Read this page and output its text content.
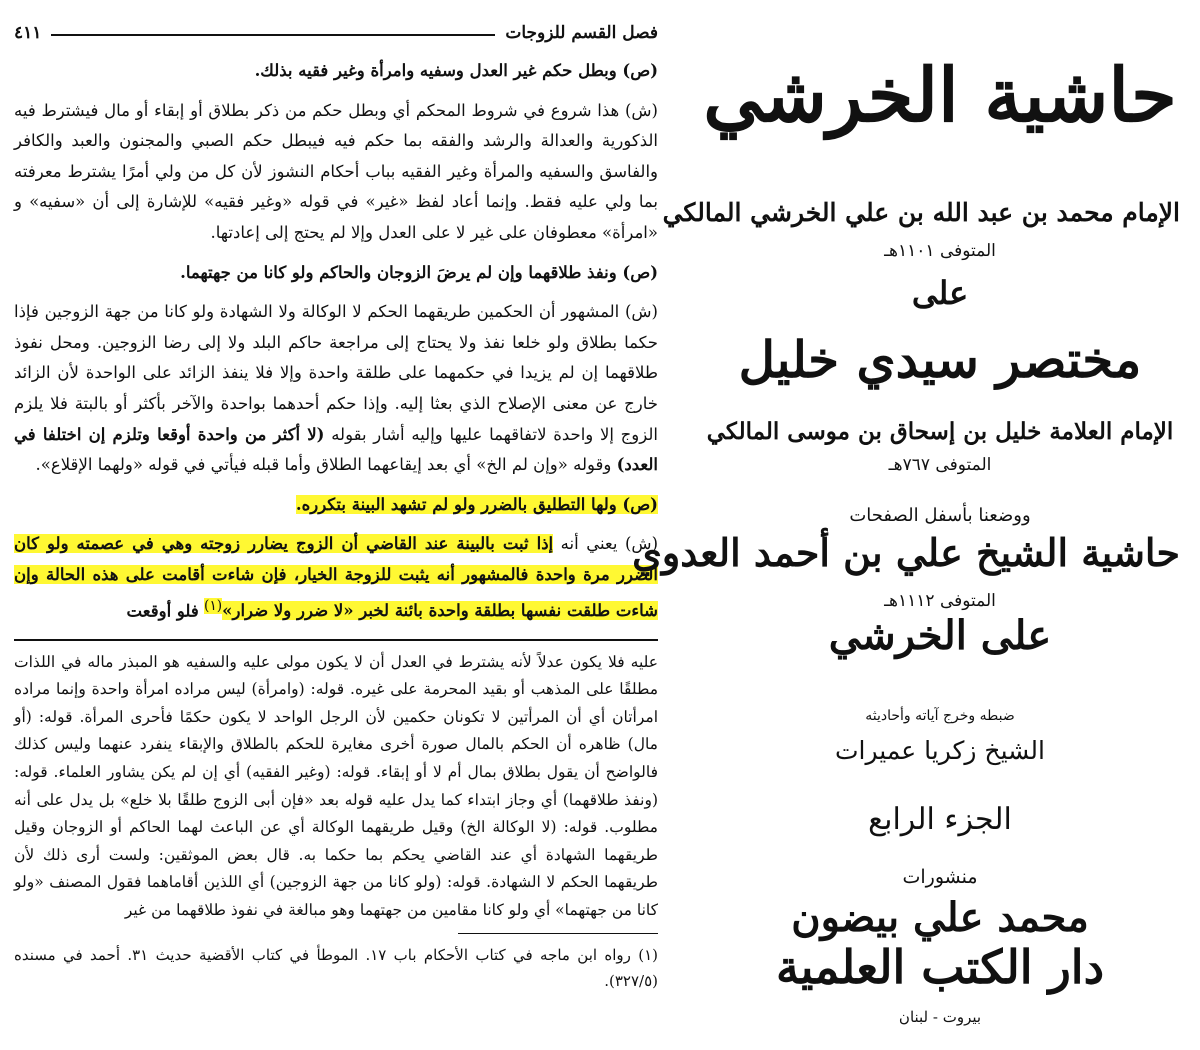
فصل القسم للزوجات
٤١١

(ص) وبطل حكم غير العدل وسفيه وامرأة وغير فقيه بذلك.

(ش) هذا شروع في شروط المحكم أي وبطل حكم من ذكر بطلاق أو إبقاء أو مال فيشترط فيه الذكورية والعدالة والرشد والفقه بما حكم فيه فيبطل حكم الصبي والمجنون والعبد والكافر والفاسق والسفيه والمرأة وغير الفقيه بباب أحكام النشوز لأن كل من ولي أمرًا يشترط معرفته بما ولي عليه فقط. وإنما أعاد لفظ «غير» في قوله «وغير فقيه» للإشارة إلى أن «سفيه» و «امرأة» معطوفان على غير لا على العدل وإلا لم يحتج إلى إعادتها.

(ص) ونفذ طلاقهما وإن لم يرضَ الزوجان والحاكم ولو كانا من جهتهما.

(ش) المشهور أن الحكمين طريقهما الحكم لا الوكالة ولا الشهادة ولو كانا من جهة الزوجين فإذا حكما بطلاق ولو خلعا نفذ ولا يحتاج إلى مراجعة حاكم البلد ولا إلى رضا الزوجين. ومحل نفوذ طلاقهما إن لم يزيدا في حكمهما على طلقة واحدة وإلا فلا ينفذ الزائد على الواحدة لأن الزائد خارج عن معنى الإصلاح الذي بعثا إليه. وإذا حكم أحدهما بواحدة والآخر بأكثر أو بالبتة فلا يلزم الزوج إلا واحدة لاتفاقهما عليها وإليه أشار بقوله (لا أكثر من واحدة أوقعا وتلزم إن اختلفا في العدد) وقوله «وإن لم الخ» أي بعد إيقاعهما الطلاق وأما قبله فيأتي في قوله «ولهما الإقلاع».

(ص) ولها التطليق بالضرر ولو لم تشهد البينة بتكرره.

(ش) يعني أنه إذا ثبت بالبينة عند القاضي أن الزوج يضارر زوجته وهي في عصمته ولو كان الضرر مرة واحدة فالمشهور أنه يثبت للزوجة الخيار، فإن شاءت أقامت على هذه الحالة وإن شاءت طلقت نفسها بطلقة واحدة بائنة لخبر «لا ضرر ولا ضرار»$^{(١)}$ فلو أوقعت

عليه فلا يكون عدلاً لأنه يشترط في العدل أن لا يكون مولى عليه والسفيه هو المبذر ماله في اللذات مطلقًا على المذهب أو بقيد المحرمة على غيره. قوله: (وامرأة) ليس مراده امرأة واحدة وإنما مراده امرأتان أي أن المرأتين لا تكونان حكمين لأن الرجل الواحد لا يكون حكمًا فأحرى المرأة. قوله: (أو مال) ظاهره أن الحكم بالمال صورة أخرى مغايرة للحكم بالطلاق والإبقاء ينفرد عنهما وليس كذلك فالواضح أن يقول بطلاق بمال أم لا أو إبقاء. قوله: (وغير الفقيه) أي إن لم يكن يشاور العلماء. قوله: (ونفذ طلاقهما) أي وجاز ابتداء كما يدل عليه قوله بعد «فإن أبى الزوج طلقًا بلا خلع» بل يدل على أنه مطلوب. قوله: (لا الوكالة الخ) وقيل طريقهما الوكالة أي عن الباعث لهما الحاكم أو الزوجان وقيل طريقهما الشهادة أي عند القاضي يحكم بما حكما به. قال بعض الموثقين: ولست أرى ذلك لأن طريقهما الحكم لا الشهادة. قوله: (ولو كانا من جهة الزوجين) أي اللذين أقاماهما فقول المصنف «ولو كانا من جهتهما» أي ولو كانا مقامين من جهتهما وهو مبالغة في نفوذ طلاقهما من غير

(١) رواه ابن ماجه في كتاب الأحكام باب ١٧. الموطأ في كتاب الأقضية حديث ٣١. أحمد في مسنده (٣٢٧/٥).

حاشية الخرشي
الإمام محمد بن عبد الله بن علي الخرشي المالكي
المتوفى ١١٠١هـ
على
مختصر سيدي خليل
الإمام العلامة خليل بن إسحاق بن موسى المالكي
المتوفى ٧٦٧هـ
ووضعنا بأسفل الصفحات
حاشية الشيخ علي بن أحمد العدوي
المتوفى ١١١٢هـ
على الخرشي
ضبطه وخرج آياته وأحاديثه
الشيخ زكريا عميرات
الجزء الرابع
منشورات
محمد علي بيضون
دار الكتب العلمية
بيروت - لبنان
